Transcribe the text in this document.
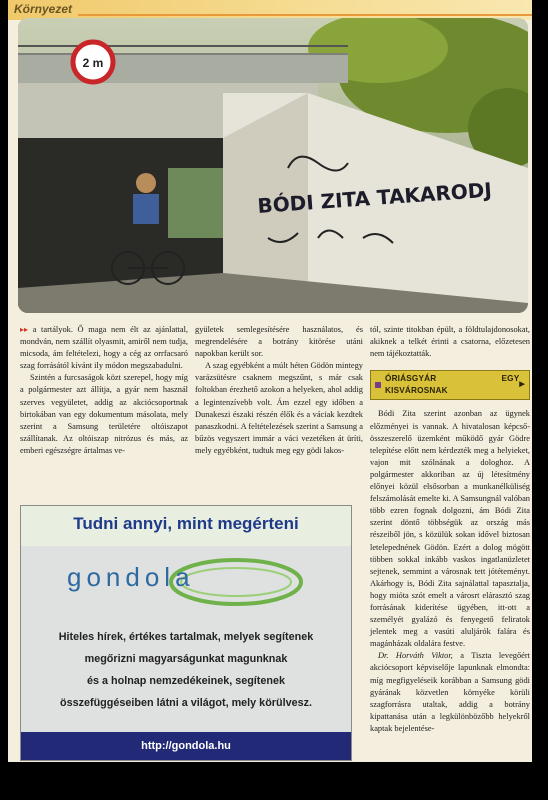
Környezet
2 m
BÓDI ZITA TAKARODJ

▸▸ a tartályok. Ő maga nem élt az ajánlattal, mondván, nem szállít olyasmit, amiről nem tudja, micsoda, ám feltételezi, hogy a cég az orrfacsaró szag forrásától kívánt ily módon megszabadulni.

Szintén a furcsaságok közt szerepel, hogy míg a polgármester azt állítja, a gyár nem használ szerves vegyületet, addig az akciócsoportnak birtokában van egy dokumentum másolata, mely szerint a Samsung területére oltóiszapot szállítanak. Az oltóiszap nitrózus és más, az emberi egészségre ártalmas ve-

gyületek semlegesítésére használatos, és megrendelésére a botrány kitörése utáni napokban került sor.

A szag egyébként a múlt héten Gödön mintegy varázsütésre csaknem megszűnt, s már csak foltokban érezhető azokon a helyeken, ahol addig a legintenzívebb volt. Ám ezzel egy időben a Dunakeszi északi részén élők és a váciak kezdtek panaszkodni. A feltételezések szerint a Samsung a bűzös vegyszert immár a váci vezetéken át üríti, mely egyébként, tudtuk meg egy gödi lakos-

tól, szinte titokban épült, a földtulajdonosokat, akiknek a telkét érinti a csatorna, előzetesen nem tájékoztatták.

ÓRIÁSGYÁR EGY KISVÁROSNAK
▶

Bódi Zita szerint azonban az ügynek előzményei is vannak. A hivatalosan képcső-összeszerelő üzemként működő gyár Gödre telepítése előtt nem kérdezték meg a helyieket, vajon mit szólnának a dologhoz. A polgármester akkoriban az új létesítmény előnyei közül elsősorban a munkanélküliség felszámolását emelte ki. A Samsungnál valóban több ezren fognak dolgozni, ám Bódi Zita szerint döntő többségük az ország más részeiből jön, s közülük sokan idővel biztosan letelepednének Gödön. Ezért a dolog mögött többen sokkal inkább vaskos ingatlanüzletet sejtenek, semmint a városnak tett jótéteményt. Akárhogy is, Bódi Zita sajnálattal tapasztalja, hogy mióta szót emelt a városrt elárasztó szag forrásának kiderítése ügyében, itt-ott a személyét gyalázó és fenyegető feliratok jelentek meg a vasúti aluljárók falára és magánházak oldalára festve.

Dr. Horváth Viktor, a Tiszta levegőért akciócsoport képviselője lapunknak elmondta: míg megfigyeléseik korábban a Samsung gödi gyárának közvetlen környéke körüli szagforrásra utaltak, addig a botrány kipattanása után a legkülönbözőbb helyekről kaptak bejelentése-

Tudni annyi, mint megérteni
gondola
Hiteles hírek, értékes tartalmak, melyek segítenek
megőrizni magyarságunkat magunknak
és a holnap nemzedékeinek, segítenek
összefüggéseiben látni a világot, mely körülvesz.
http://gondola.hu
